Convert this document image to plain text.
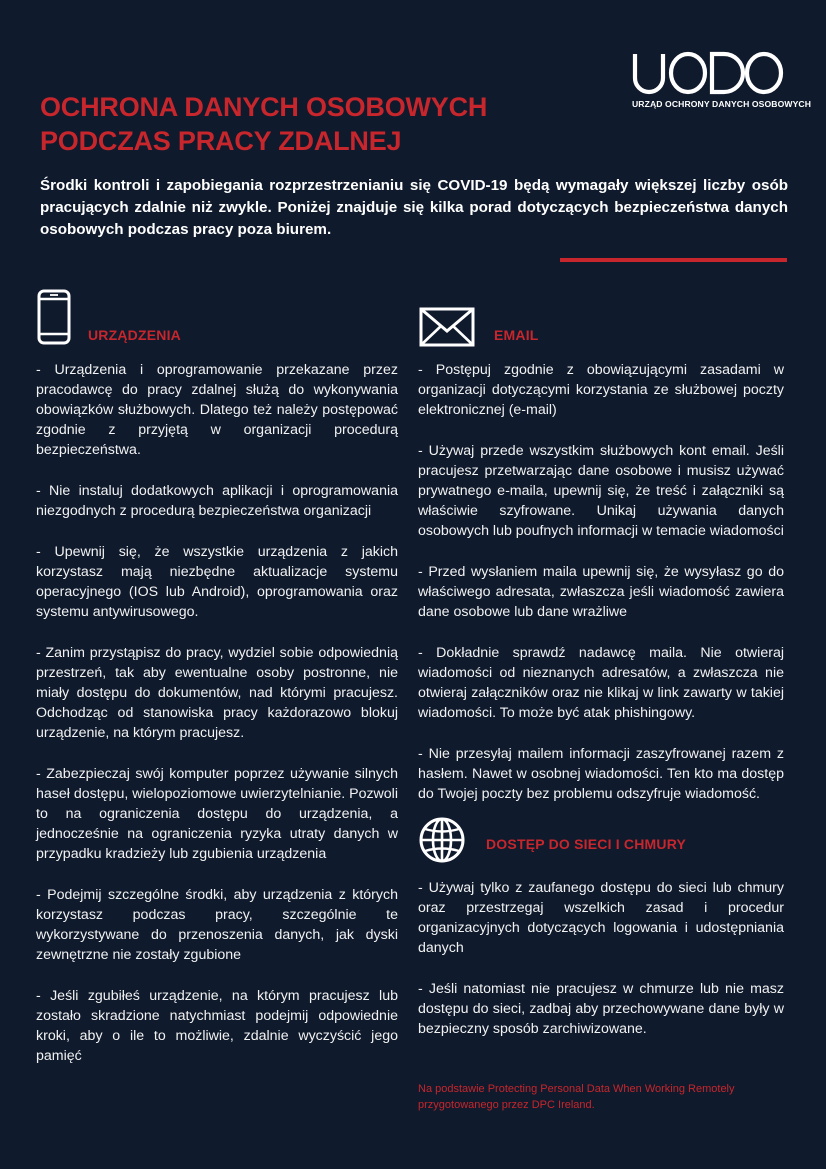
URZĄD OCHRONY DANYCH OSOBOWYCH
OCHRONA DANYCH OSOBOWYCH
PODCZAS PRACY ZDALNEJ
Środki kontroli i zapobiegania rozprzestrzenianiu się COVID-19 będą wymagały większej liczby osób pracujących zdalnie niż zwykle. Poniżej znajduje się kilka porad dotyczących bezpieczeństwa danych osobowych podczas pracy poza biurem.
URZĄDZENIA

- Urządzenia i oprogramowanie przekazane przez pracodawcę do pracy zdalnej służą do wykonywania obowiązków służbowych. Dlatego też należy postępować zgodnie z przyjętą w organizacji procedurą bezpieczeństwa.

- Nie instaluj dodatkowych aplikacji i oprogramowania niezgodnych z procedurą bezpieczeństwa organizacji

- Upewnij się, że wszystkie urządzenia z jakich korzystasz mają niezbędne aktualizacje systemu operacyjnego (IOS lub Android), oprogramowania oraz systemu antywirusowego.

- Zanim przystąpisz do pracy, wydziel sobie odpowiednią przestrzeń, tak aby ewentualne osoby postronne, nie miały dostępu do dokumentów, nad którymi pracujesz. Odchodząc od stanowiska pracy każdorazowo blokuj urządzenie, na którym pracujesz.

- Zabezpieczaj swój komputer poprzez używanie silnych haseł dostępu, wielopoziomowe uwierzytelnianie. Pozwoli to na ograniczenia dostępu do urządzenia, a jednocześnie na ograniczenia ryzyka utraty danych w przypadku kradzieży lub zgubienia urządzenia

- Podejmij szczególne środki, aby urządzenia z których korzystasz podczas pracy, szczególnie te wykorzystywane do przenoszenia danych, jak dyski zewnętrzne nie zostały zgubione

- Jeśli zgubiłeś urządzenie, na którym pracujesz lub zostało skradzione natychmiast podejmij odpowiednie kroki, aby o ile to możliwie, zdalnie wyczyścić jego pamięć

EMAIL

- Postępuj zgodnie z obowiązującymi zasadami w organizacji dotyczącymi korzystania ze służbowej poczty elektronicznej (e-mail)

- Używaj przede wszystkim służbowych kont email. Jeśli pracujesz przetwarzając dane osobowe i musisz używać prywatnego e-maila, upewnij się, że treść i załączniki są właściwie szyfrowane. Unikaj używania danych osobowych lub poufnych informacji w temacie wiadomości

- Przed wysłaniem maila upewnij się, że wysyłasz go do właściwego adresata, zwłaszcza jeśli wiadomość zawiera dane osobowe lub dane wrażliwe

- Dokładnie sprawdź nadawcę maila. Nie otwieraj wiadomości od nieznanych adresatów, a zwłaszcza nie otwieraj załączników oraz nie klikaj w link zawarty w takiej wiadomości. To może być atak phishingowy.

- Nie przesyłaj mailem informacji zaszyfrowanej razem z hasłem. Nawet w osobnej wiadomości. Ten kto ma dostęp do Twojej poczty bez problemu odszyfruje wiadomość.

DOSTĘP DO SIECI I CHMURY

- Używaj tylko z zaufanego dostępu do sieci lub chmury oraz przestrzegaj wszelkich zasad i procedur organizacyjnych dotyczących logowania i udostępniania danych

- Jeśli natomiast nie pracujesz w chmurze lub nie masz dostępu do sieci, zadbaj aby przechowywane dane były w bezpieczny sposób zarchiwizowane.

Na podstawie Protecting Personal Data When Working Remotely przygotowanego przez DPC Ireland.
